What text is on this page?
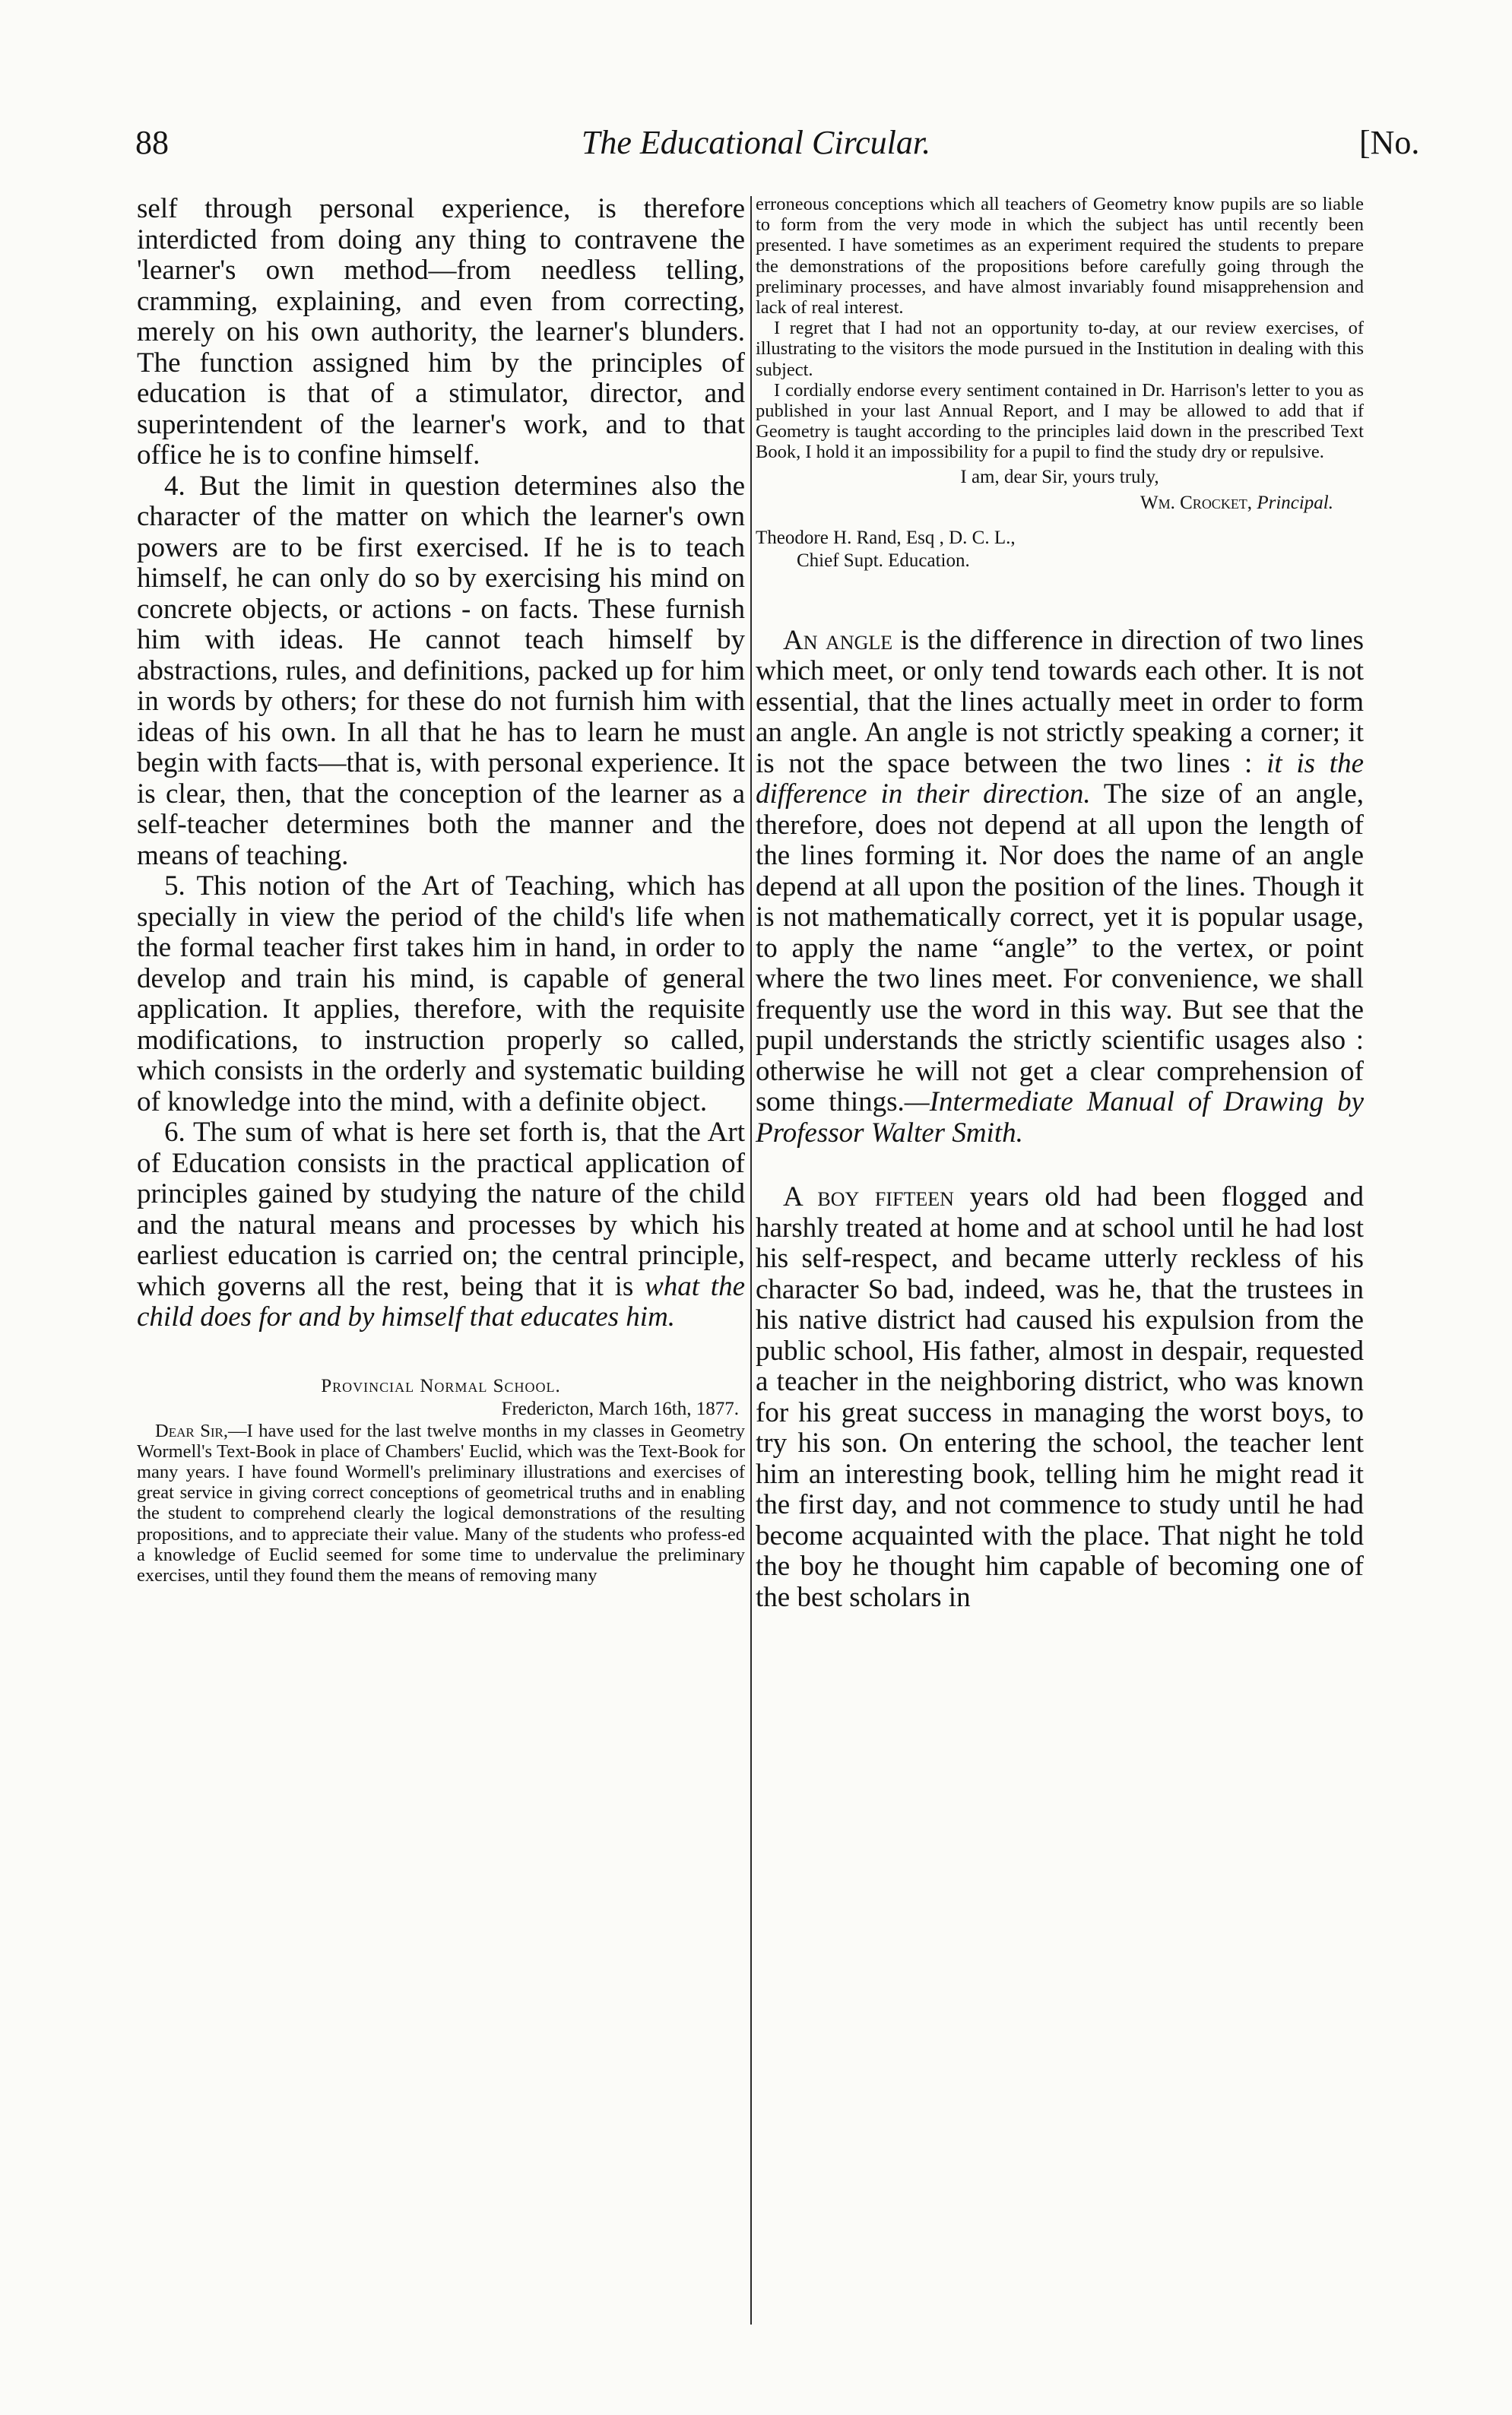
88	The Educational Circular.	[No.

self through personal experience, is therefore interdicted from doing any thing to contravene the 'learner's own method—from needless telling, cramming, explaining, and even from correcting, merely on his own authority, the learner's blunders. The function assigned him by the principles of education is that of a stimulator, director, and superintendent of the learner's work, and to that office he is to confine himself.

4. But the limit in question determines also the character of the matter on which the learner's own powers are to be first exercised. If he is to teach himself, he can only do so by exercising his mind on concrete objects, or actions - on facts. These furnish him with ideas. He cannot teach himself by abstractions, rules, and definitions, packed up for him in words by others; for these do not furnish him with ideas of his own. In all that he has to learn he must begin with facts—that is, with personal experience. It is clear, then, that the conception of the learner as a self-teacher determines both the manner and the means of teaching.

5. This notion of the Art of Teaching, which has specially in view the period of the child's life when the formal teacher first takes him in hand, in order to develop and train his mind, is capable of general application. It applies, therefore, with the requisite modifications, to instruction properly so called, which consists in the orderly and systematic building of knowledge into the mind, with a definite object.

6. The sum of what is here set forth is, that the Art of Education consists in the practical application of principles gained by studying the nature of the child and the natural means and processes by which his earliest education is carried on; the central principle, which governs all the rest, being that it is what the child does for and by himself that educates him.

Provincial Normal School.
Fredericton, March 16th, 1877.

Dear Sir,—I have used for the last twelve months in my classes in Geometry Wormell's Text-Book in place of Chambers' Euclid, which was the Text-Book for many years. I have found Wormell's preliminary illustrations and exercises of great service in giving correct conceptions of geometrical truths and in enabling the student to comprehend clearly the logical demonstrations of the resulting propositions, and to appreciate their value. Many of the students who profess-ed a knowledge of Euclid seemed for some time to undervalue the preliminary exercises, until they found them the means of removing many

erroneous conceptions which all teachers of Geometry know pupils are so liable to form from the very mode in which the subject has until recently been presented. I have sometimes as an experiment required the students to prepare the demonstrations of the propositions before carefully going through the preliminary processes, and have almost invariably found misapprehension and lack of real interest.

I regret that I had not an opportunity to-day, at our review exercises, of illustrating to the visitors the mode pursued in the Institution in dealing with this subject.

I cordially endorse every sentiment contained in Dr. Harrison's letter to you as published in your last Annual Report, and I may be allowed to add that if Geometry is taught according to the principles laid down in the prescribed Text Book, I hold it an impossibility for a pupil to find the study dry or repulsive.

I am, dear Sir, yours truly,
Wm. Crocket, Principal.
Theodore H. Rand, Esq , D. C. L.,
Chief Supt. Education.

An angle is the difference in direction of two lines which meet, or only tend towards each other. It is not essential, that the lines actually meet in order to form an angle. An angle is not strictly speaking a corner; it is not the space between the two lines : it is the difference in their direction. The size of an angle, therefore, does not depend at all upon the length of the lines forming it. Nor does the name of an angle depend at all upon the position of the lines. Though it is not mathematically correct, yet it is popular usage, to apply the name “angle” to the vertex, or point where the two lines meet. For convenience, we shall frequently use the word in this way. But see that the pupil understands the strictly scientific usages also : otherwise he will not get a clear comprehension of some things.—Intermediate Manual of Drawing by Professor Walter Smith.

A boy fifteen years old had been flogged and harshly treated at home and at school until he had lost his self-respect, and became utterly reckless of his character So bad, indeed, was he, that the trustees in his native district had caused his expulsion from the public school, His father, almost in despair, requested a teacher in the neighboring district, who was known for his great success in managing the worst boys, to try his son. On entering the school, the teacher lent him an interesting book, telling him he might read it the first day, and not commence to study until he had become acquainted with the place. That night he told the boy he thought him capable of becoming one of the best scholars in
